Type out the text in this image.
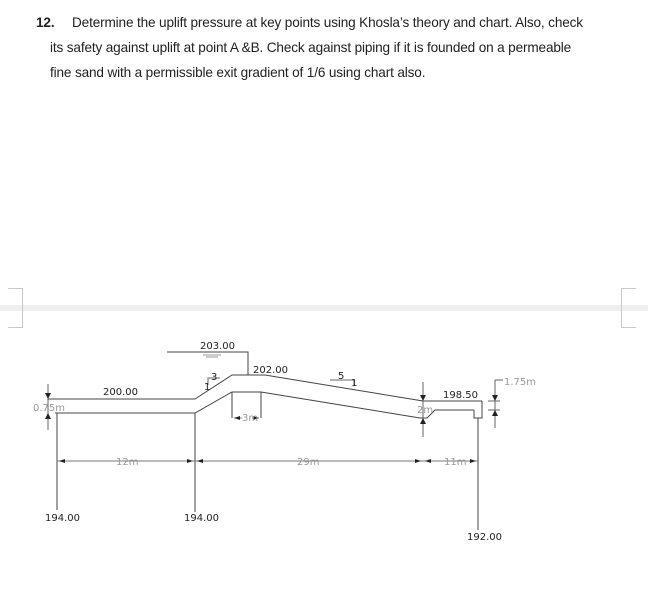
12. Determine the uplift pressure at key points using Khosla’s theory and chart. Also, check
its safety against uplift at point A &B. Check against piping if it is founded on a permeable
fine sand with a permissible exit gradient of 1/6 using chart also.
203.00
202.00
200.00	198.50
194.00	194.00
192.00
0.75m
1.75m
2m
3m
12m	29m	11m
1
3	5
1
